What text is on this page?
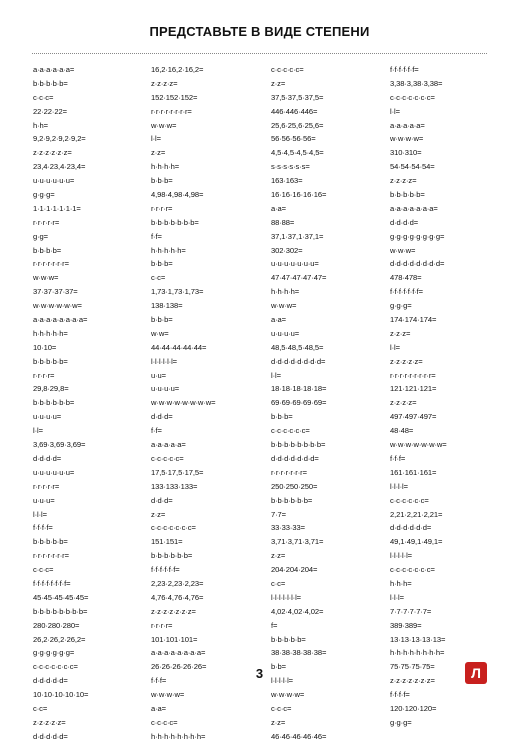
ПРЕДСТАВЬТЕ В ВИДЕ СТЕПЕНИ
a·a·a·a·a·a=
b·b·b·b·b=
c·c·c=
22·22·22=
h·h=
9,2·9,2·9,2·9,2=
z·z·z·z·z·z=
23,4·23,4·23,4=
u·u·u·u·u·u=
g·g·g=
1·1·1·1·1·1·1=
r·r·r·r·r=
g·g=
b·b·b·b=
r·r·r·r·r·r·r=
w·w·w=
37·37·37·37=
w·w·w·w·w·w=
a·a·a·a·a·a·a·a=
h·h·h·h·h=
10·10=
b·b·b·b·b=
r·r·r·r=
29,8·29,8=
b·b·b·b·b·b=
u·u·u·u=
l·l=
3,69·3,69·3,69=
d·d·d·d=
u·u·u·u·u·u=
r·r·r·r·r=
u·u·u=
l·l·l=
f·f·f·f=
b·b·b·b·b=
r·r·r·r·r·r·r=
c·c·c=
f·f·f·f·f·f·f·f=
45·45·45·45·45=
b·b·b·b·b·b·b·b=
280·280·280=
26,2·26,2·26,2=
g·g·g·g·g·g=
c·c·c·c·c·c·c=
d·d·d·d·d=
10·10·10·10·10=
c·c=
z·z·z·z·z=
d·d·d·d·d=
16,2·16,2·16,2=
z·z·z·z=
152·152·152=
r·r·r·r·r·r·r·r=
w·w·w=
l·l=
z·z=
h·h·h·h=
b·b·b=
4,98·4,98·4,98=
r·r·r·r=
b·b·b·b·b·b·b=
f·f=
h·h·h·h·h=
b·b·b=
c·c=
1,73·1,73·1,73=
138·138=
b·b·b=
w·w=
44·44·44·44·44=
l·l·l·l·l·l=
u·u=
u·u·u·u=
w·w·w·w·w·w·w·w=
d·d·d=
f·f=
a·a·a·a·a=
c·c·c·c·c=
17,5·17,5·17,5=
133·133·133=
d·d·d=
z·z=
c·c·c·c·c·c·c=
151·151=
b·b·b·b·b·b=
f·f·f·f·f·f=
2,23·2,23·2,23=
4,76·4,76·4,76=
z·z·z·z·z·z·z=
r·r·r·r=
101·101·101=
a·a·a·a·a·a·a·a=
26·26·26·26·26=
f·f·f=
w·w·w·w=
a·a=
c·c·c·c=
h·h·h·h·h·h·h·h=
c·c·c·c·c=
z·z=
37,5·37,5·37,5=
446·446·446=
25,6·25,6·25,6=
56·56·56·56=
4,5·4,5·4,5·4,5=
s·s·s·s·s·s=
163·163=
16·16·16·16·16=
a·a=
88·88=
37,1·37,1·37,1=
302·302=
u·u·u·u·u·u·u=
47·47·47·47·47=
h·h·h·h=
w·w·w=
a·a=
u·u·u·u=
48,5·48,5·48,5=
d·d·d·d·d·d·d·d=
l·l=
18·18·18·18·18=
69·69·69·69·69=
b·b·b=
c·c·c·c·c·c=
b·b·b·b·b·b·b·b=
d·d·d·d·d·d·d=
r·r·r·r·r·r·r=
250·250·250=
b·b·b·b·b·b=
7·7=
33·33·33=
3,71·3,71·3,71=
z·z=
204·204·204=
c·c=
l·l·l·l·l·l·l=
4,02·4,02·4,02=
f=
b·b·b·b·b=
38·38·38·38·38=
b·b=
l·l·l·l·l=
w·w·w·w=
c·c·c=
z·z=
46·46·46·46·46=
f·f·f·f·f·f=
3,38·3,38·3,38=
c·c·c·c·c·c·c=
l·l=
a·a·a·a·a=
w·w·w·w=
310·310=
54·54·54·54=
z·z·z·z=
b·b·b·b·b=
a·a·a·a·a·a·a=
d·d·d·d=
g·g·g·g·g·g·g·g=
w·w·w=
d·d·d·d·d·d·d·d=
478·478=
f·f·f·f·f·f·f=
g·g·g=
174·174·174=
z·z·z=
l·l=
z·z·z·z·z=
r·r·r·r·r·r·r·r·r=
121·121·121=
z·z·z·z=
497·497·497=
48·48=
w·w·w·w·w·w·w=
f·f·f=
161·161·161=
l·l·l·l=
c·c·c·c·c·c=
2,21·2,21·2,21=
d·d·d·d·d·d=
49,1·49,1·49,1=
l·l·l·l·l=
c·c·c·c·c·c·c=
h·h·h=
l·l·l=
7·7·7·7·7·7=
389·389=
13·13·13·13·13=
h·h·h·h·h·h·h·h=
75·75·75·75=
z·z·z·z·z·z·z=
f·f·f·f=
120·120·120=
g·g·g=
3	Л
